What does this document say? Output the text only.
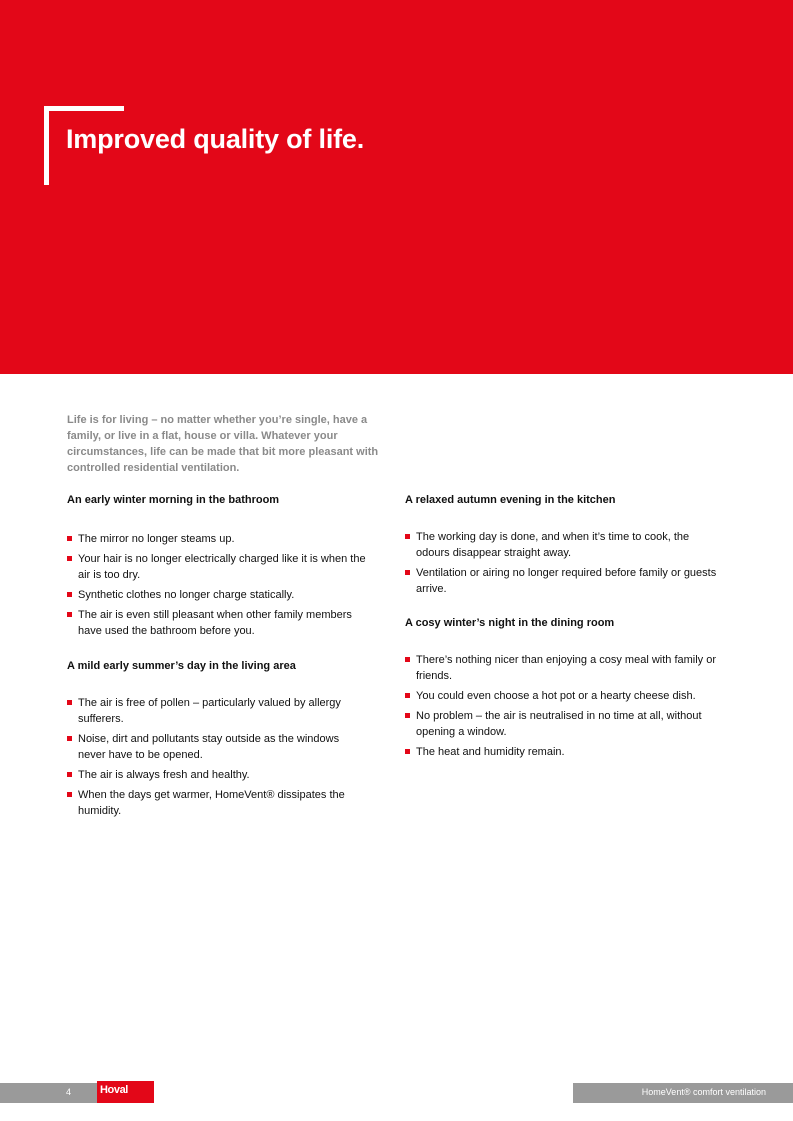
Improved quality of life.

Life is for living – no matter whether you’re single, have a family, or live in a flat, house or villa. Whatever your circumstances, life can be made that bit more pleasant with controlled residential ventilation.

An early winter morning in the bathroom
The mirror no longer steams up.
Your hair is no longer electrically charged like it is when the air is too dry.
Synthetic clothes no longer charge statically.
The air is even still pleasant when other family members have used the bathroom before you.
A mild early summer’s day in the living area
The air is free of pollen – particularly valued by allergy sufferers.
Noise, dirt and pollutants stay outside as the windows never have to be opened.
The air is always fresh and healthy.
When the days get warmer, HomeVent® dissipates the humidity.
A relaxed autumn evening in the kitchen
The working day is done, and when it’s time to cook, the odours disappear straight away.
Ventilation or airing no longer required before family or guests arrive.
A cosy winter’s night in the dining room
There’s nothing nicer than enjoying a cosy meal with family or friends.
You could even choose a hot pot or a hearty cheese dish.
No problem – the air is neutralised in no time at all, without opening a window.
The heat and humidity remain.
4	Hoval	HomeVent® comfort ventilation
